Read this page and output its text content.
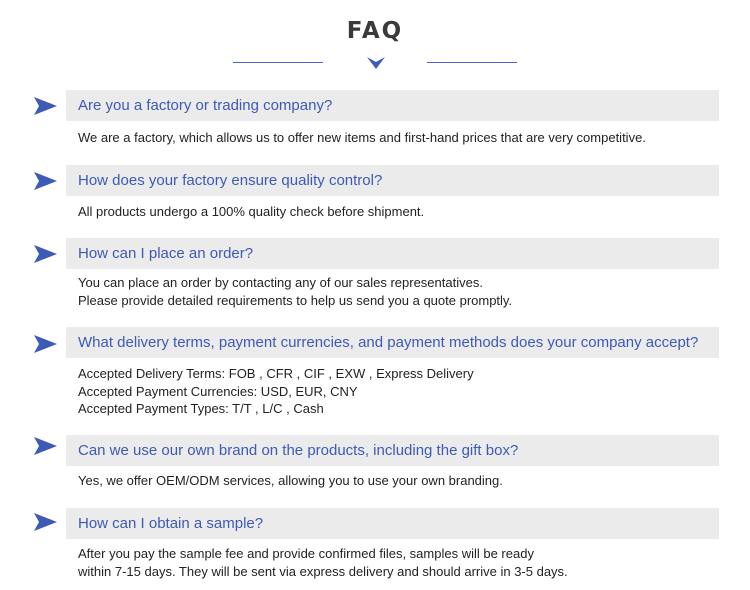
FAQ
Are you a factory or trading company?
We are a factory, which allows us to offer new items and first-hand prices that are very competitive.
How does your factory ensure quality control?
All products undergo a 100% quality check before shipment.
How can I place an order?
You can place an order by contacting any of our sales representatives.
Please provide detailed requirements to help us send you a quote promptly.
What delivery terms, payment currencies, and payment methods does your company accept?
Accepted Delivery Terms: FOB , CFR , CIF , EXW , Express Delivery
Accepted Payment Currencies: USD, EUR, CNY
Accepted Payment Types: T/T , L/C , Cash
Can we use our own brand on the products, including the gift box?
Yes, we offer OEM/ODM services, allowing you to use your own branding.
How can I obtain a sample?
After you pay the sample fee and provide confirmed files, samples will be ready
within 7-15 days. They will be sent via express delivery and should arrive in 3-5 days.
